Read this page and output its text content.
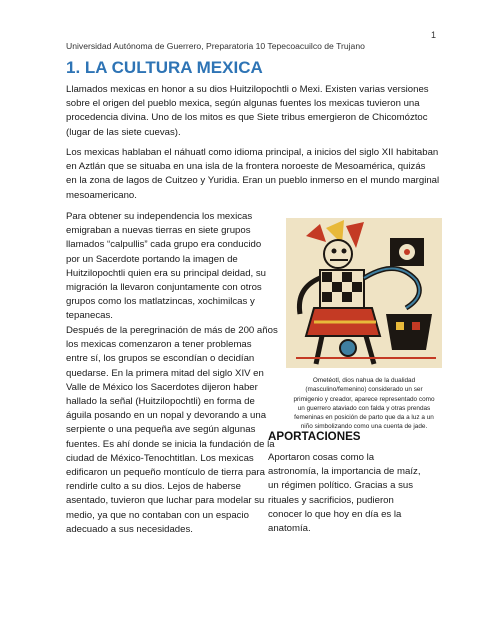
1
Universidad Autónoma de Guerrero, Preparatoria 10 Tepecoacuilco de Trujano
1. LA CULTURA MEXICA
Llamados mexicas en honor a su dios Huitzilopochtli o Mexi. Existen varias versiones
sobre el origen del pueblo mexica, según algunas fuentes los mexicas tuvieron una
procedencia divina. Uno de los mitos es que Siete tribus emergieron de Chicomóztoc
(lugar de las siete cuevas).
Los mexicas hablaban el náhuatl como idioma principal, a inicios del siglo XII habitaban
en Aztlán que se situaba en una isla de la frontera noroeste de Mesoamérica, quizás
en la zona de lagos de Cuitzeo y Yuridia. Eran un pueblo inmerso en el mundo marginal
mesoamericano.
Para obtener su independencia los mexicas
emigraban a nuevas tierras en siete grupos
llamados “calpullis” cada grupo era conducido
por un Sacerdote portando la imagen de
Huitzilopochtli quien era su principal deidad, su
migración la llevaron conjuntamente con otros
grupos como los matlatzincas, xochimilcas y
tepanecas.
Después de la peregrinación de más de 200 años
los mexicas comenzaron a tener problemas
entre sí, los grupos se escondían o decidían
quedarse. En la primera mitad del siglo XIV en
Valle de México los Sacerdotes dijeron haber
hallado la señal (Huitzilopochtli) en forma de
águila posando en un nopal y devorando a una
serpiente o una pequeña ave según algunas
fuentes. Es ahí donde se inicia la fundación de la
ciudad de México-Tenochtitlan. Los mexicas
edificaron un pequeño montículo de tierra para
rendirle culto a su dios. Lejos de haberse
asentado, tuvieron que luchar para modelar su
medio, ya que no contaban con un espacio
adecuado a sus necesidades.
Ometéotl, dios nahua de la dualidad
(masculino/femenino) considerado un ser
primigenio y creador, aparece representado como
un guerrero ataviado con falda y otras prendas
femeninas en posición de parto que da a luz a un
niño simbolizando como una cuenta de jade.
APORTACIONES
Aportaron cosas como la
astronomía, la importancia de maíz,
un régimen político. Gracias a sus
rituales y sacrificios, pudieron
conocer lo que hoy en día es la
anatomía.
